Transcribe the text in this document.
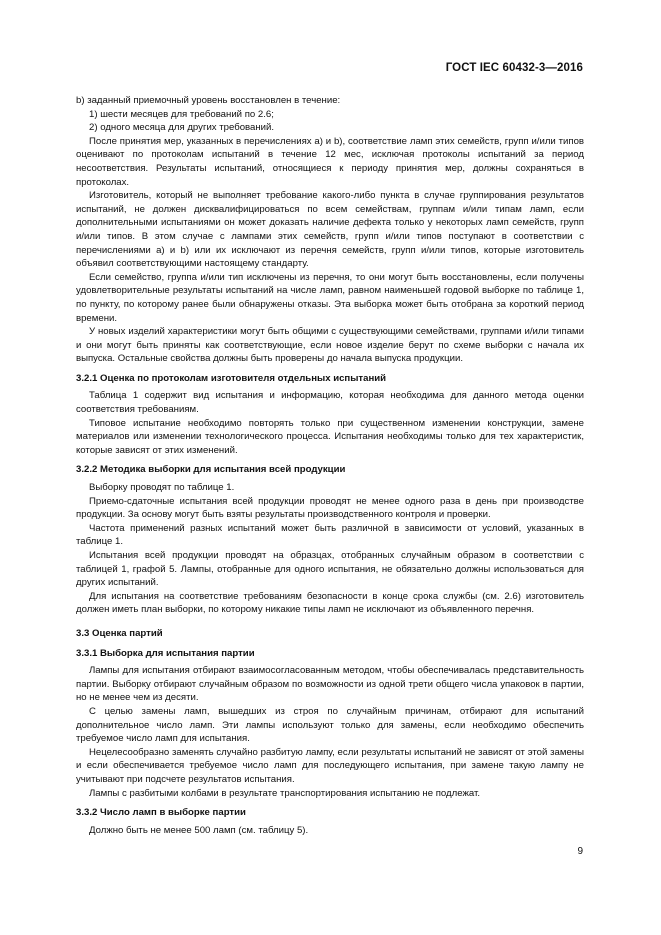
ГОСТ IEC 60432-3—2016

b) заданный приемочный уровень восстановлен в течение:

1) шести месяцев для требований по 2.6;

2) одного месяца для других требований.

После принятия мер, указанных в перечислениях a) и b), соответствие ламп этих семейств, групп и/или типов оценивают по протоколам испытаний в течение 12 мес, исключая протоколы испытаний за период несоответствия. Результаты испытаний, относящиеся к периоду принятия мер, должны сохраняться в протоколах.

Изготовитель, который не выполняет требование какого-либо пункта в случае группирования результатов испытаний, не должен дисквалифицироваться по всем семействам, группам и/или типам ламп, если дополнительными испытаниями он может доказать наличие дефекта только у некоторых ламп семейств, групп и/или типов. В этом случае с лампами этих семейств, групп и/или типов поступают в соответствии с перечислениями a) и b) или их исключают из перечня семейств, групп и/или типов, которые изготовитель объявил соответствующими настоящему стандарту.

Если семейство, группа и/или тип исключены из перечня, то они могут быть восстановлены, если получены удовлетворительные результаты испытаний на числе ламп, равном наименьшей годовой выборке по таблице 1, по пункту, по которому ранее были обнаружены отказы. Эта выборка может быть отобрана за короткий период времени.

У новых изделий характеристики могут быть общими с существующими семействами, группами и/или типами и они могут быть приняты как соответствующие, если новое изделие берут по схеме выборки с начала их выпуска. Остальные свойства должны быть проверены до начала выпуска продукции.

3.2.1 Оценка по протоколам изготовителя отдельных испытаний

Таблица 1 содержит вид испытания и информацию, которая необходима для данного метода оценки соответствия требованиям.

Типовое испытание необходимо повторять только при существенном изменении конструкции, замене материалов или изменении технологического процесса. Испытания необходимы только для тех характеристик, которые зависят от этих изменений.

3.2.2 Методика выборки для испытания всей продукции

Выборку проводят по таблице 1.

Приемо-сдаточные испытания всей продукции проводят не менее одного раза в день при производстве продукции. За основу могут быть взяты результаты производственного контроля и проверки.

Частота применений разных испытаний может быть различной в зависимости от условий, указанных в таблице 1.

Испытания всей продукции проводят на образцах, отобранных случайным образом в соответствии с таблицей 1, графой 5. Лампы, отобранные для одного испытания, не обязательно должны использоваться для других испытаний.

Для испытания на соответствие требованиям безопасности в конце срока службы (см. 2.6) изготовитель должен иметь план выборки, по которому никакие типы ламп не исключают из объявленного перечня.

3.3 Оценка партий

3.3.1 Выборка для испытания партии

Лампы для испытания отбирают взаимосогласованным методом, чтобы обеспечивалась представительность партии. Выборку отбирают случайным образом по возможности из одной трети общего числа упаковок в партии, но не менее чем из десяти.

С целью замены ламп, вышедших из строя по случайным причинам, отбирают для испытаний дополнительное число ламп. Эти лампы используют только для замены, если необходимо обеспечить требуемое число ламп для испытания.

Нецелесообразно заменять случайно разбитую лампу, если результаты испытаний не зависят от этой замены и если обеспечивается требуемое число ламп для последующего испытания, при замене такую лампу не учитывают при подсчете результатов испытания.

Лампы с разбитыми колбами в результате транспортирования испытанию не подлежат.

3.3.2 Число ламп в выборке партии

Должно быть не менее 500 ламп (см. таблицу 5).

9
